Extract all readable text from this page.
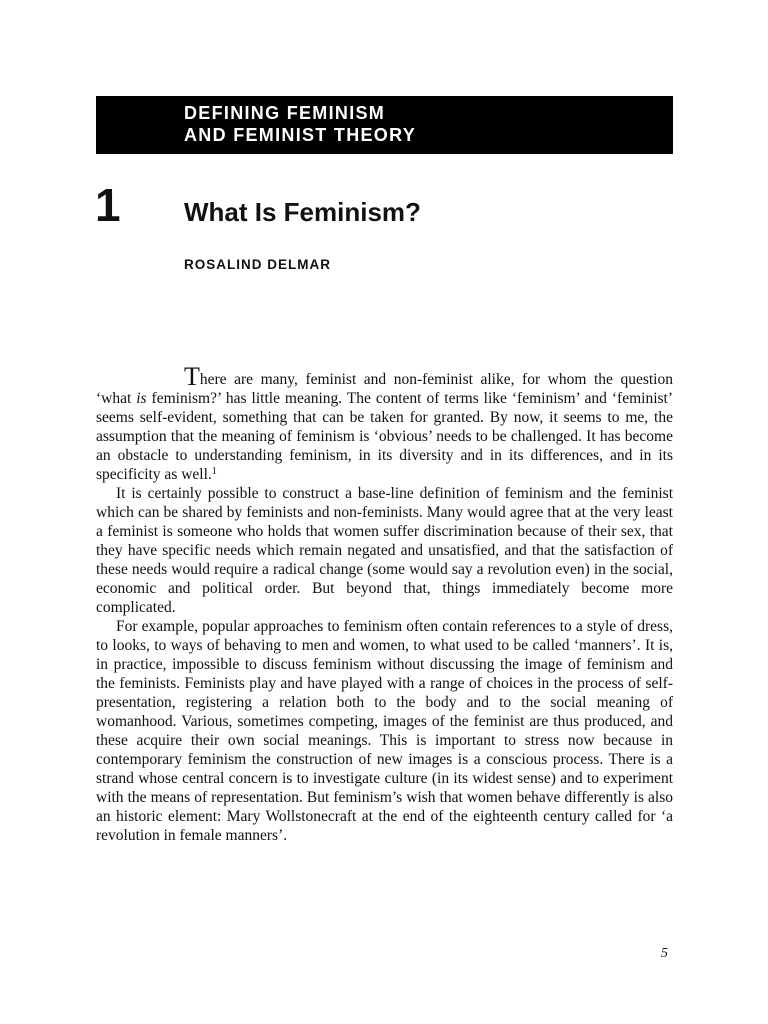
DEFINING FEMINISM
AND FEMINIST THEORY
1 What Is Feminism?
ROSALIND DELMAR

There are many, feminist and non-feminist alike, for whom the question ‘what is feminism?’ has little meaning. The content of terms like ‘feminism’ and ‘feminist’ seems self-evident, something that can be taken for granted. By now, it seems to me, the assumption that the meaning of feminism is ‘obvious’ needs to be challenged. It has become an obstacle to understanding feminism, in its diversity and in its differences, and in its specificity as well.$^1$

It is certainly possible to construct a base-line definition of feminism and the feminist which can be shared by feminists and non-feminists. Many would agree that at the very least a feminist is someone who holds that women suffer discrimination because of their sex, that they have specific needs which remain negated and unsatisfied, and that the satisfaction of these needs would require a radical change (some would say a revolution even) in the social, economic and political order. But beyond that, things immediately become more complicated.

For example, popular approaches to feminism often contain references to a style of dress, to looks, to ways of behaving to men and women, to what used to be called ‘manners’. It is, in practice, impossible to discuss feminism without discussing the image of feminism and the feminists. Feminists play and have played with a range of choices in the process of self-presentation, registering a relation both to the body and to the social meaning of womanhood. Various, sometimes competing, images of the feminist are thus produced, and these acquire their own social meanings. This is important to stress now because in contemporary feminism the construction of new images is a conscious process. There is a strand whose central concern is to investigate culture (in its widest sense) and to experiment with the means of representation. But feminism’s wish that women behave differently is also an historic element: Mary Wollstonecraft at the end of the eighteenth century called for ‘a revolution in female manners’.

5
